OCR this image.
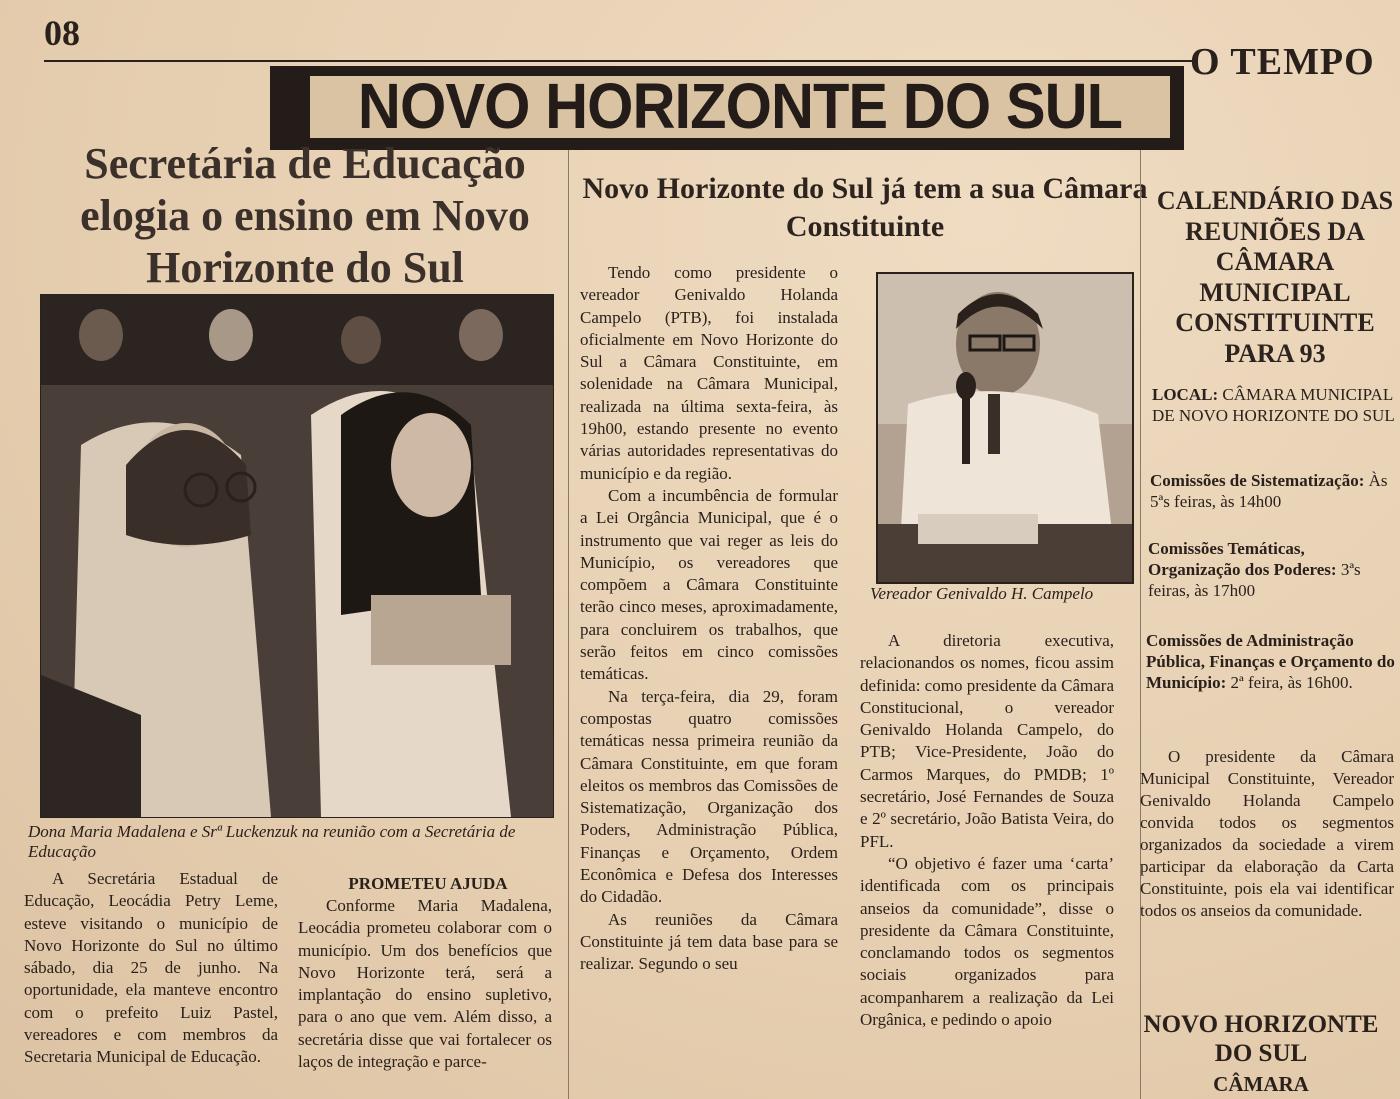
08
O TEMPO
NOVO HORIZONTE DO SUL
Secretária de Educação elogia o ensino em Novo Horizonte do Sul
Dona Maria Madalena e Srª Luckenzuk na reunião com a Secretária de Educação

A Secretária Estadual de Educação, Leocádia Petry Leme, esteve visitando o município de Novo Horizonte do Sul no último sábado, dia 25 de junho. Na oportunidade, ela manteve encontro com o prefeito Luiz Pastel, vereadores e com membros da Secretaria Municipal de Educação.

PROMETEU AJUDA

Conforme Maria Madalena, Leocádia prometeu colaborar com o município. Um dos benefícios que Novo Horizonte terá, será a implantação do ensino supletivo, para o ano que vem. Além disso, a secretária disse que vai fortalecer os laços de integração e parce-

Novo Horizonte do Sul já tem a sua Câmara Constituinte

Tendo como presidente o vereador Genivaldo Holanda Campelo (PTB), foi instalada oficialmente em Novo Horizonte do Sul a Câmara Constituinte, em solenidade na Câmara Municipal, realizada na última sexta-feira, às 19h00, estando presente no evento várias autoridades representativas do município e da região.

Com a incumbência de formular a Lei Orgância Municipal, que é o instrumento que vai reger as leis do Município, os vereadores que compõem a Câmara Constituinte terão cinco meses, aproximadamente, para concluirem os trabalhos, que serão feitos em cinco comissões temáticas.

Na terça-feira, dia 29, foram compostas quatro comissões temáticas nessa primeira reunião da Câmara Constituinte, em que foram eleitos os membros das Comissões de Sistematização, Organização dos Poders, Administração Pública, Finanças e Orçamento, Ordem Econômica e Defesa dos Interesses do Cidadão.

As reuniões da Câmara Constituinte já tem data base para se realizar. Segundo o seu

Vereador Genivaldo H. Campelo

A diretoria executiva, relacionandos os nomes, ficou assim definida: como presidente da Câmara Constitucional, o vereador Genivaldo Holanda Campelo, do PTB; Vice-Presidente, João do Carmos Marques, do PMDB; 1º secretário, José Fernandes de Souza e 2º secretário, João Batista Veira, do PFL.

“O objetivo é fazer uma ‘carta’ identificada com os principais anseios da comunidade”, disse o presidente da Câmara Constituinte, conclamando todos os segmentos sociais organizados para acompanharem a realização da Lei Orgânica, e pedindo o apoio

CALENDÁRIO DAS REUNIÕES DA CÂMARA MUNICIPAL CONSTITUINTE PARA 93
LOCAL: CÂMARA MUNICIPAL DE NOVO HORIZONTE DO SUL
Comissões de Sistematização: Às 5ªs feiras, às 14h00
Comissões Temáticas, Organização dos Poderes: 3ªs feiras, às 17h00
Comissões de Administração Pública, Finanças e Orçamento do Município: 2ª feira, às 16h00.

O presidente da Câmara Municipal Constituinte, Vereador Genivaldo Holanda Campelo convida todos os segmentos organizados da sociedade a virem participar da elaboração da Carta Constituinte, pois ela vai identificar todos os anseios da comunidade.

NOVO HORIZONTE DO SUL
CÂMARA
